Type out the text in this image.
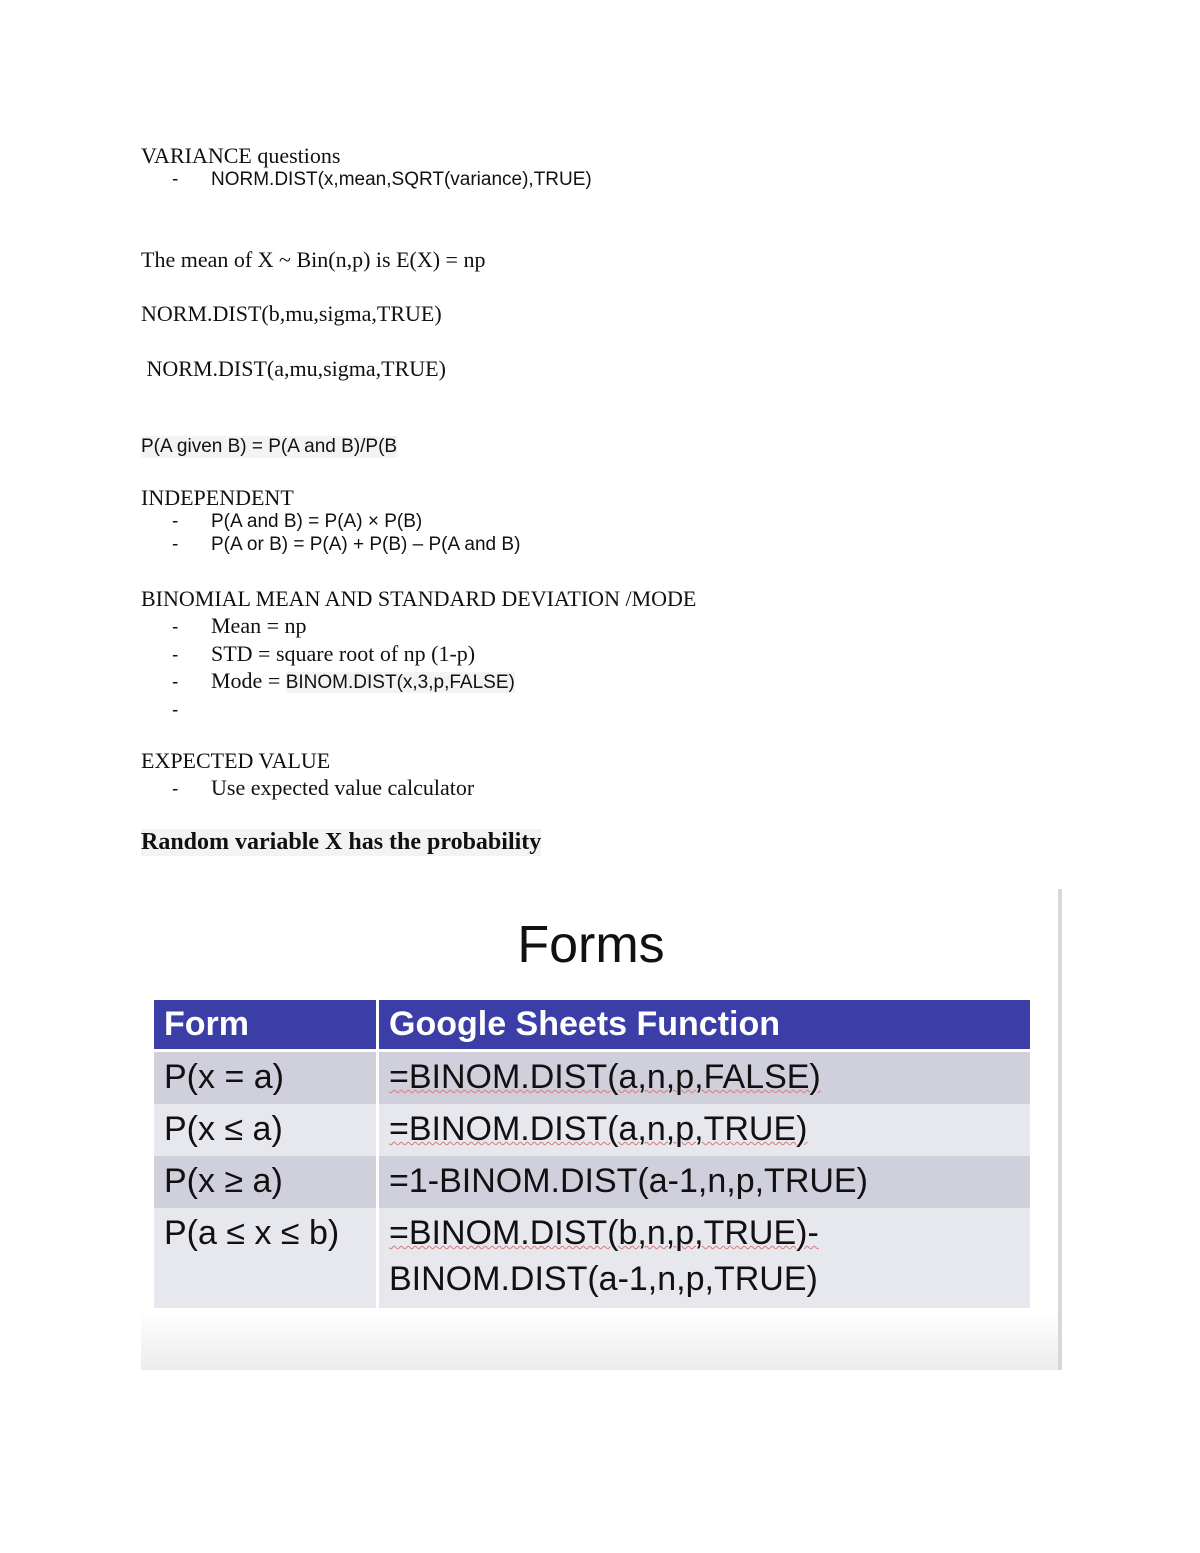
VARIANCE questions
- NORM.DIST(x,mean,SQRT(variance),TRUE)
The mean of X ~ Bin(n,p) is E(X) = np
NORM.DIST(b,mu,sigma,TRUE)
NORM.DIST(a,mu,sigma,TRUE)
P(A given B) = P(A and B)/P(B
INDEPENDENT
- P(A and B) = P(A) × P(B)
- P(A or B) = P(A) + P(B) – P(A and B)
BINOMIAL MEAN AND STANDARD DEVIATION /MODE
- Mean = np
- STD = square root of np (1-p)
- Mode = BINOM.DIST(x,3,p,FALSE)
-
EXPECTED VALUE
- Use expected value calculator
Random variable X has the probability
Forms
Form	Google Sheets Function
P(x = a)	=BINOM.DIST(a,n,p,FALSE)
P(x ≤ a)	=BINOM.DIST(a,n,p,TRUE)
P(x ≥ a)	=1-BINOM.DIST(a-1,n,p,TRUE)
P(a ≤ x ≤ b)	=BINOM.DIST(b,n,p,TRUE)-
BINOM.DIST(a-1,n,p,TRUE)
